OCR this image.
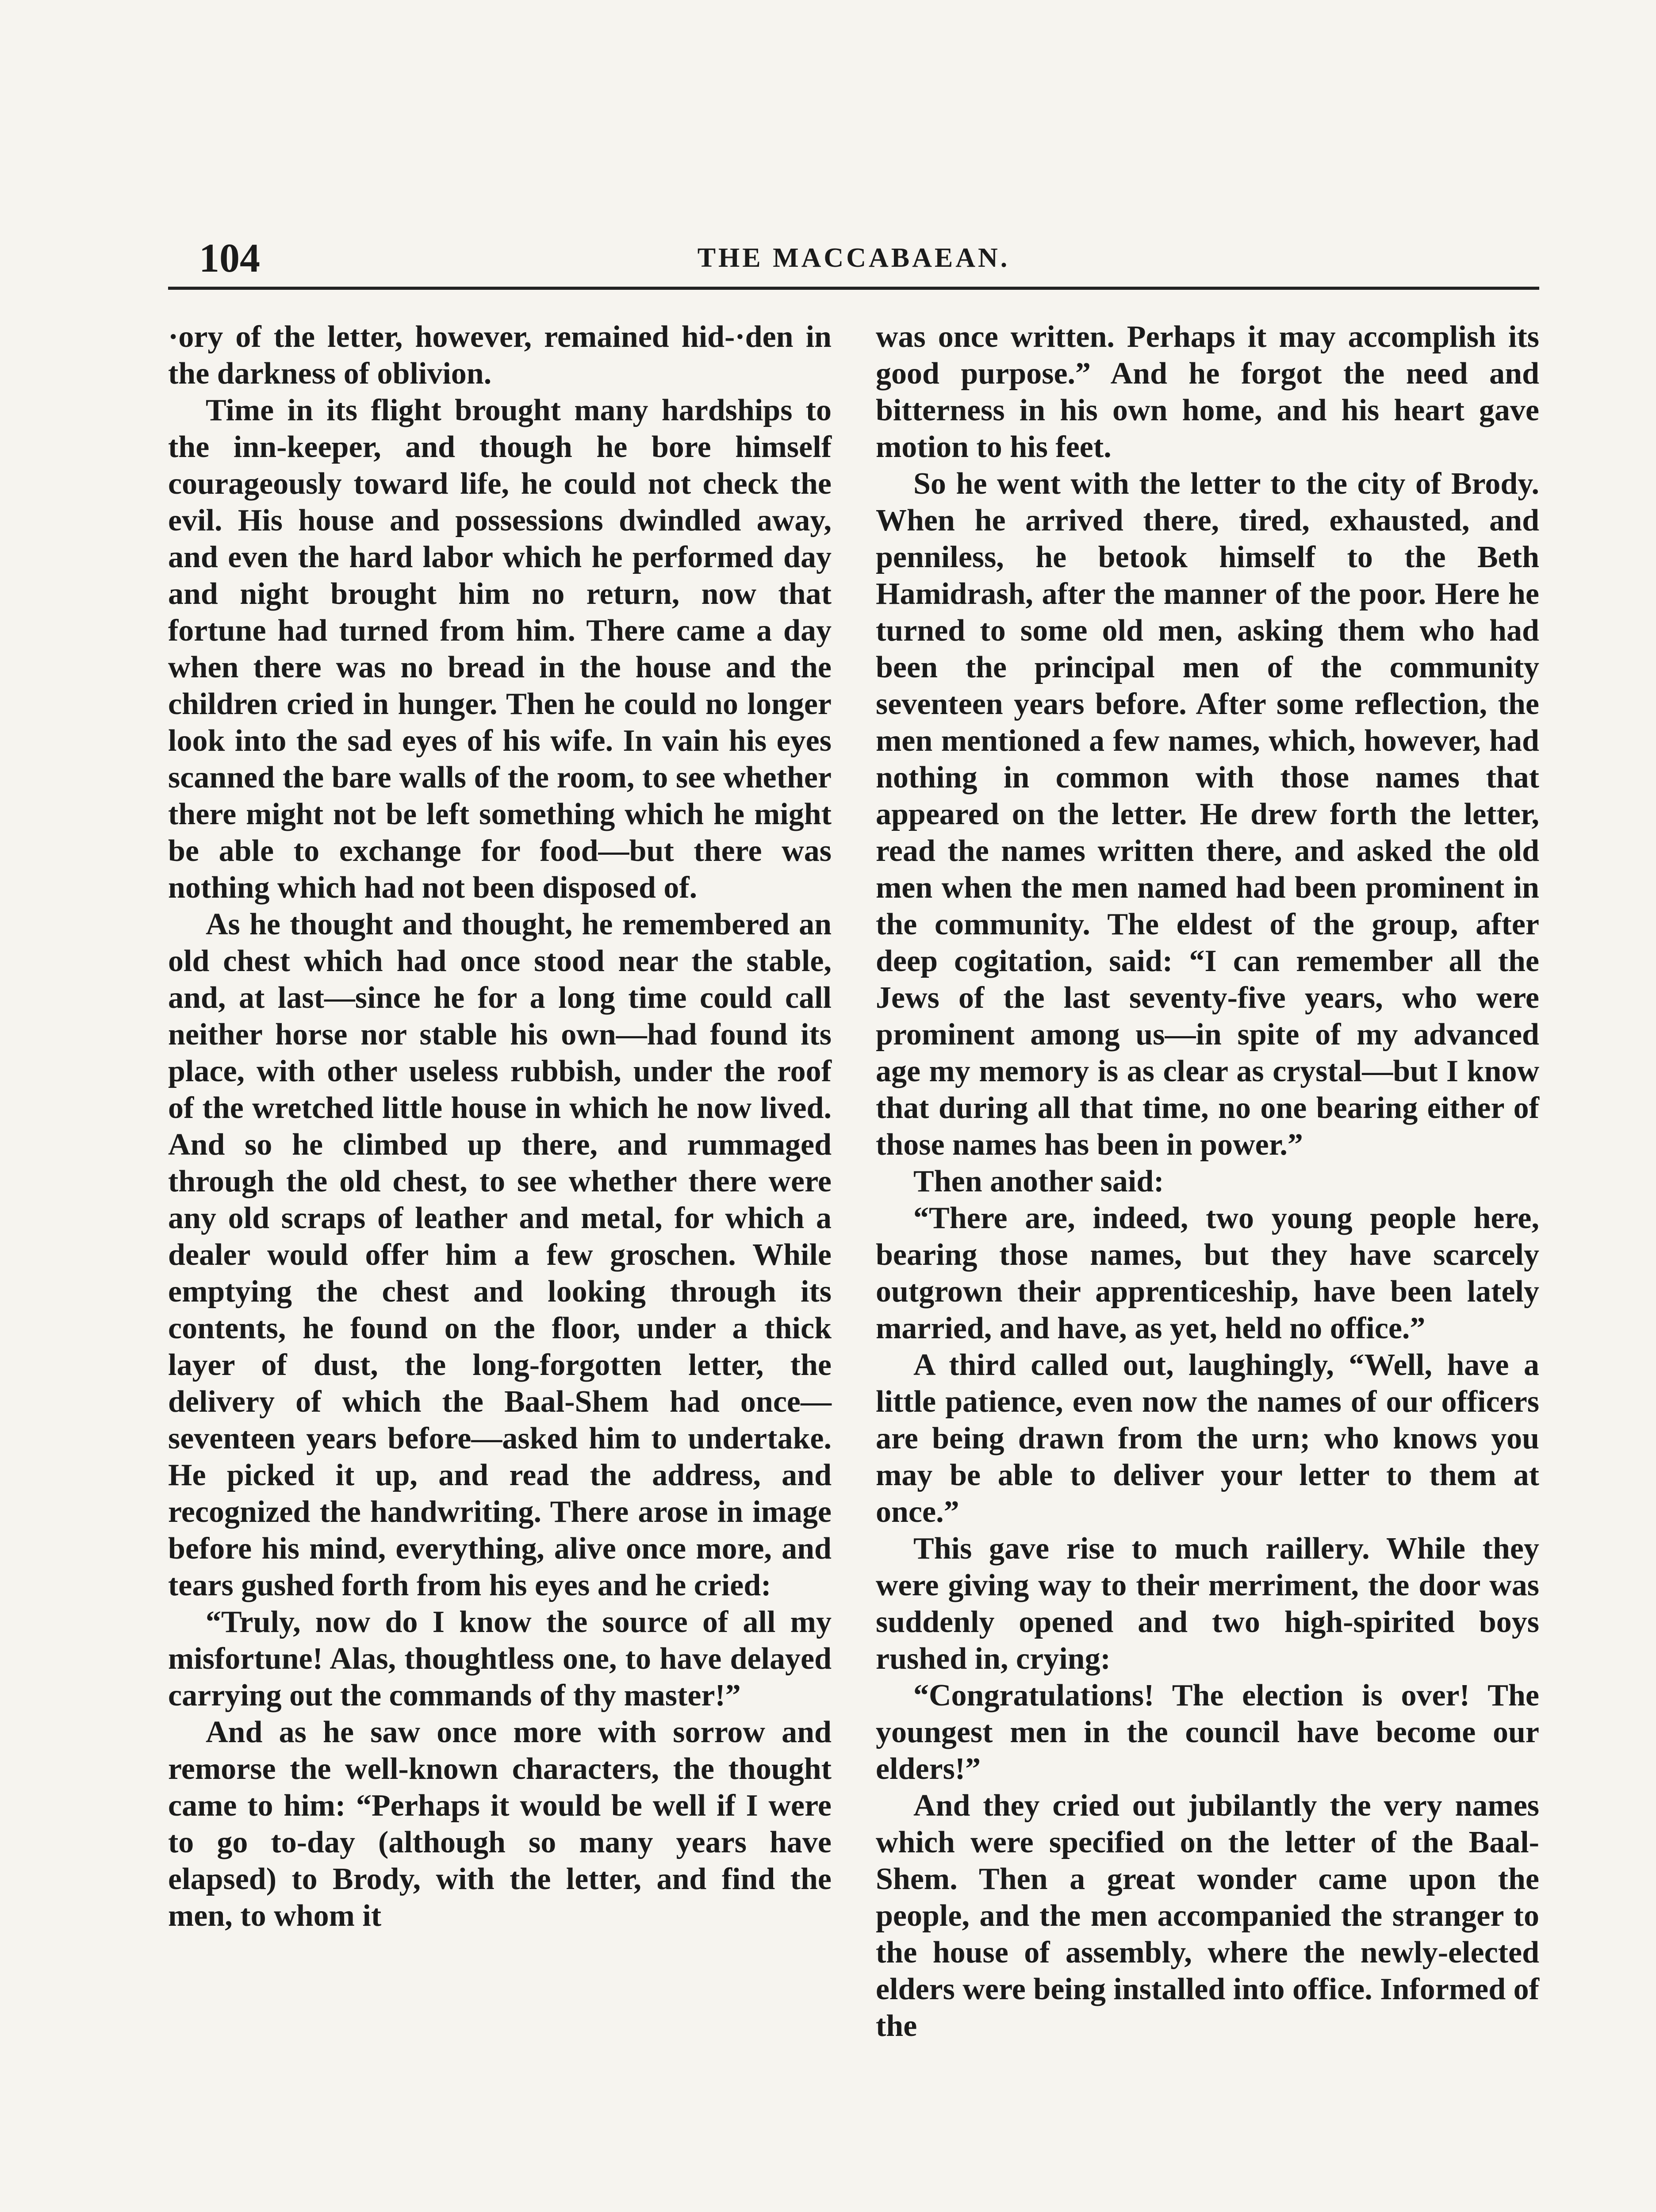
104	THE MACCABAEAN.

·ory of the letter, however, remained hid-·den in the darkness of oblivion.

Time in its flight brought many hardships to the inn-keeper, and though he bore himself courageously toward life, he could not check the evil. His house and possessions dwindled away, and even the hard labor which he performed day and night brought him no return, now that fortune had turned from him. There came a day when there was no bread in the house and the children cried in hunger. Then he could no longer look into the sad eyes of his wife. In vain his eyes scanned the bare walls of the room, to see whether there might not be left something which he might be able to exchange for food—but there was nothing which had not been disposed of.

As he thought and thought, he remembered an old chest which had once stood near the stable, and, at last—since he for a long time could call neither horse nor stable his own—had found its place, with other useless rubbish, under the roof of the wretched little house in which he now lived. And so he climbed up there, and rummaged through the old chest, to see whether there were any old scraps of leather and metal, for which a dealer would offer him a few groschen. While emptying the chest and looking through its contents, he found on the floor, under a thick layer of dust, the long-forgotten letter, the delivery of which the Baal-Shem had once—seventeen years before—asked him to undertake. He picked it up, and read the address, and recognized the handwriting. There arose in image before his mind, everything, alive once more, and tears gushed forth from his eyes and he cried:

“Truly, now do I know the source of all my misfortune! Alas, thoughtless one, to have delayed carrying out the commands of thy master!”

And as he saw once more with sorrow and remorse the well-known characters, the thought came to him: “Perhaps it would be well if I were to go to-day (although so many years have elapsed) to Brody, with the letter, and find the men, to whom it

was once written. Perhaps it may accomplish its good purpose.” And he forgot the need and bitterness in his own home, and his heart gave motion to his feet.

So he went with the letter to the city of Brody. When he arrived there, tired, exhausted, and penniless, he betook himself to the Beth Hamidrash, after the manner of the poor. Here he turned to some old men, asking them who had been the principal men of the community seventeen years before. After some reflection, the men mentioned a few names, which, however, had nothing in common with those names that appeared on the letter. He drew forth the letter, read the names written there, and asked the old men when the men named had been prominent in the community. The eldest of the group, after deep cogitation, said: “I can remember all the Jews of the last seventy-five years, who were prominent among us—in spite of my advanced age my memory is as clear as crystal—but I know that during all that time, no one bearing either of those names has been in power.”

Then another said:

“There are, indeed, two young people here, bearing those names, but they have scarcely outgrown their apprenticeship, have been lately married, and have, as yet, held no office.”

A third called out, laughingly, “Well, have a little patience, even now the names of our officers are being drawn from the urn; who knows you may be able to deliver your letter to them at once.”

This gave rise to much raillery. While they were giving way to their merriment, the door was suddenly opened and two high-spirited boys rushed in, crying:

“Congratulations! The election is over! The youngest men in the council have become our elders!”

And they cried out jubilantly the very names which were specified on the letter of the Baal-Shem. Then a great wonder came upon the people, and the men accompanied the stranger to the house of assembly, where the newly-elected elders were being installed into office. Informed of the
